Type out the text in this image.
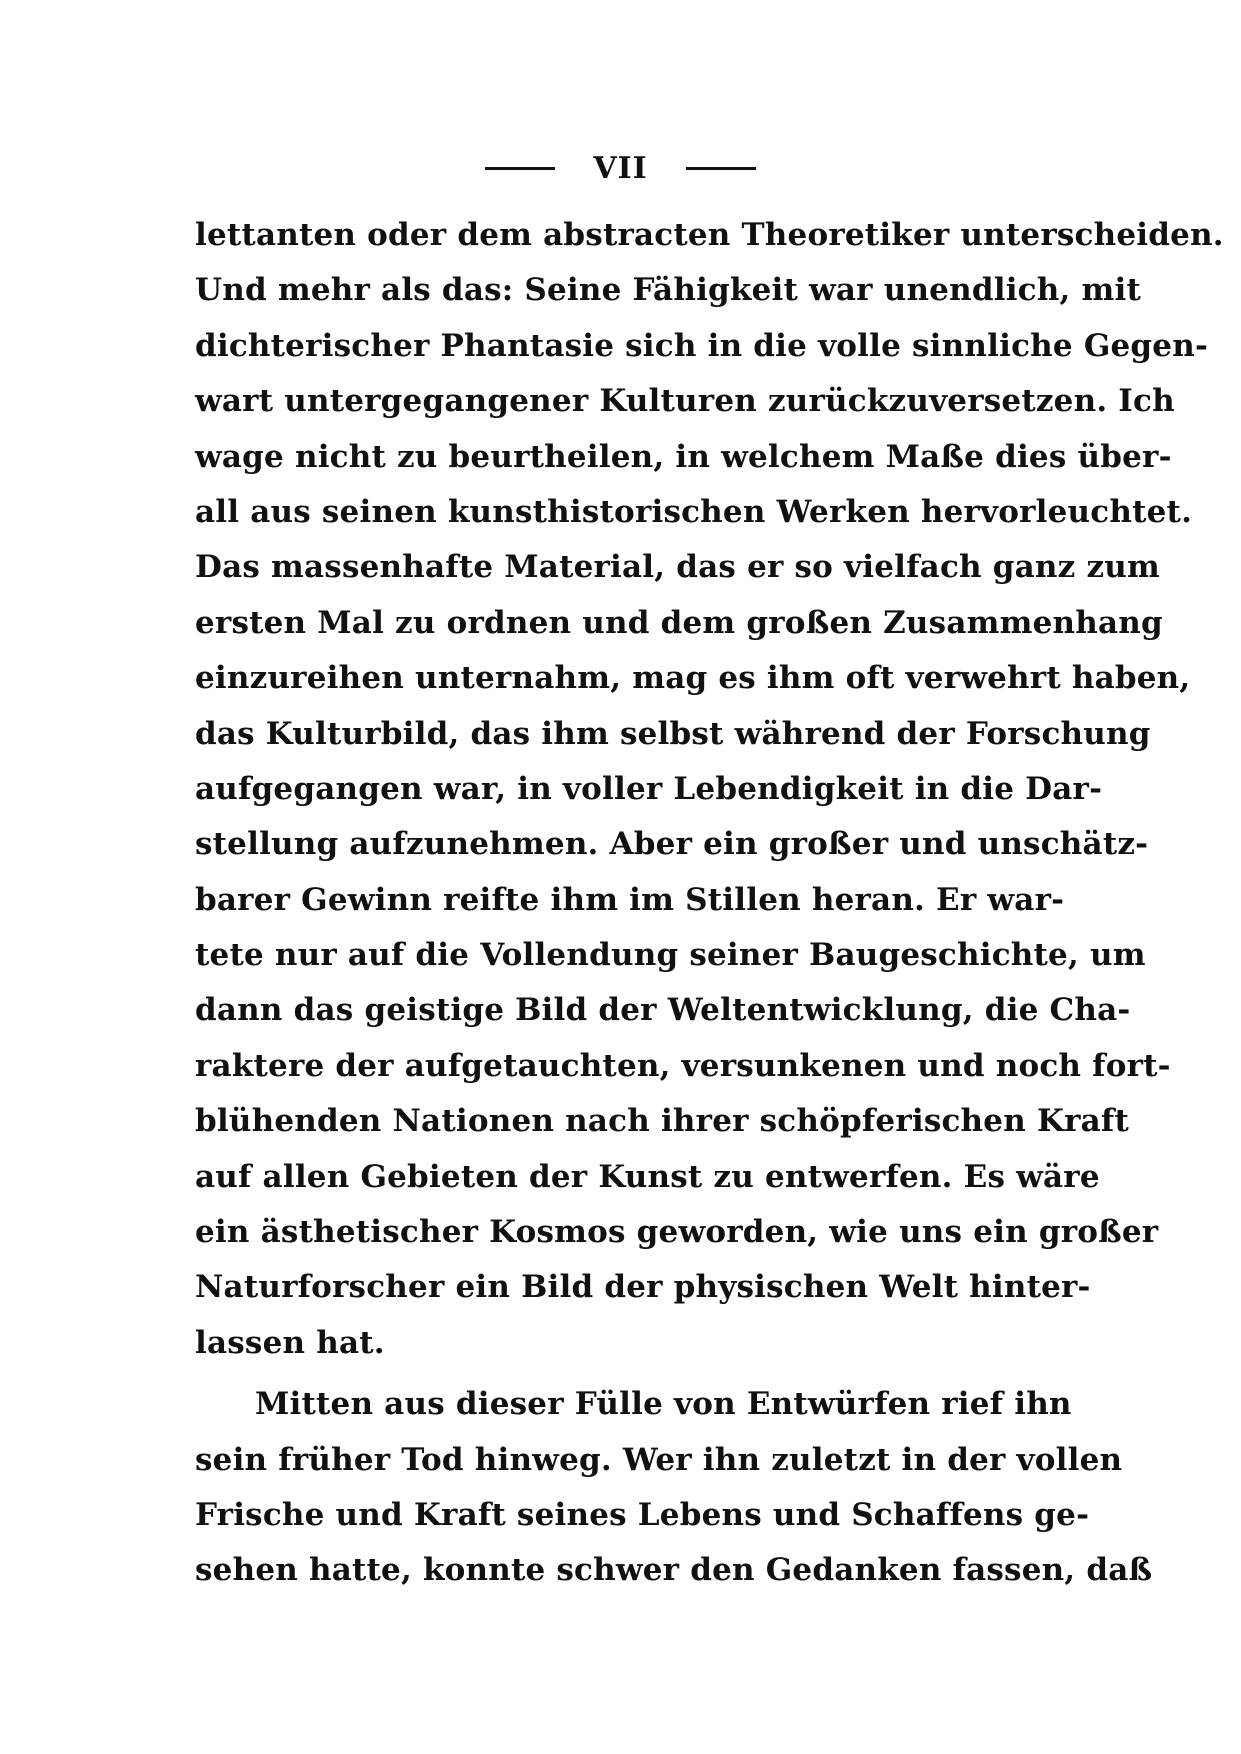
VII
lettanten oder dem abstracten Theoretiker unterscheiden.
Und mehr als das: Seine Fähigkeit war unendlich, mit
dichterischer Phantasie sich in die volle sinnliche Gegen-
wart untergegangener Kulturen zurückzuversetzen. Ich
wage nicht zu beurtheilen, in welchem Maße dies über-
all aus seinen kunsthistorischen Werken hervorleuchtet.
Das massenhafte Material, das er so vielfach ganz zum
ersten Mal zu ordnen und dem großen Zusammenhang
einzureihen unternahm, mag es ihm oft verwehrt haben,
das Kulturbild, das ihm selbst während der Forschung
aufgegangen war, in voller Lebendigkeit in die Dar-
stellung aufzunehmen. Aber ein großer und unschätz-
barer Gewinn reifte ihm im Stillen heran. Er war-
tete nur auf die Vollendung seiner Baugeschichte, um
dann das geistige Bild der Weltentwicklung, die Cha-
raktere der aufgetauchten, versunkenen und noch fort-
blühenden Nationen nach ihrer schöpferischen Kraft
auf allen Gebieten der Kunst zu entwerfen. Es wäre
ein ästhetischer Kosmos geworden, wie uns ein großer
Naturforscher ein Bild der physischen Welt hinter-
lassen hat.
Mitten aus dieser Fülle von Entwürfen rief ihn
sein früher Tod hinweg. Wer ihn zuletzt in der vollen
Frische und Kraft seines Lebens und Schaffens ge-
sehen hatte, konnte schwer den Gedanken fassen, daß
